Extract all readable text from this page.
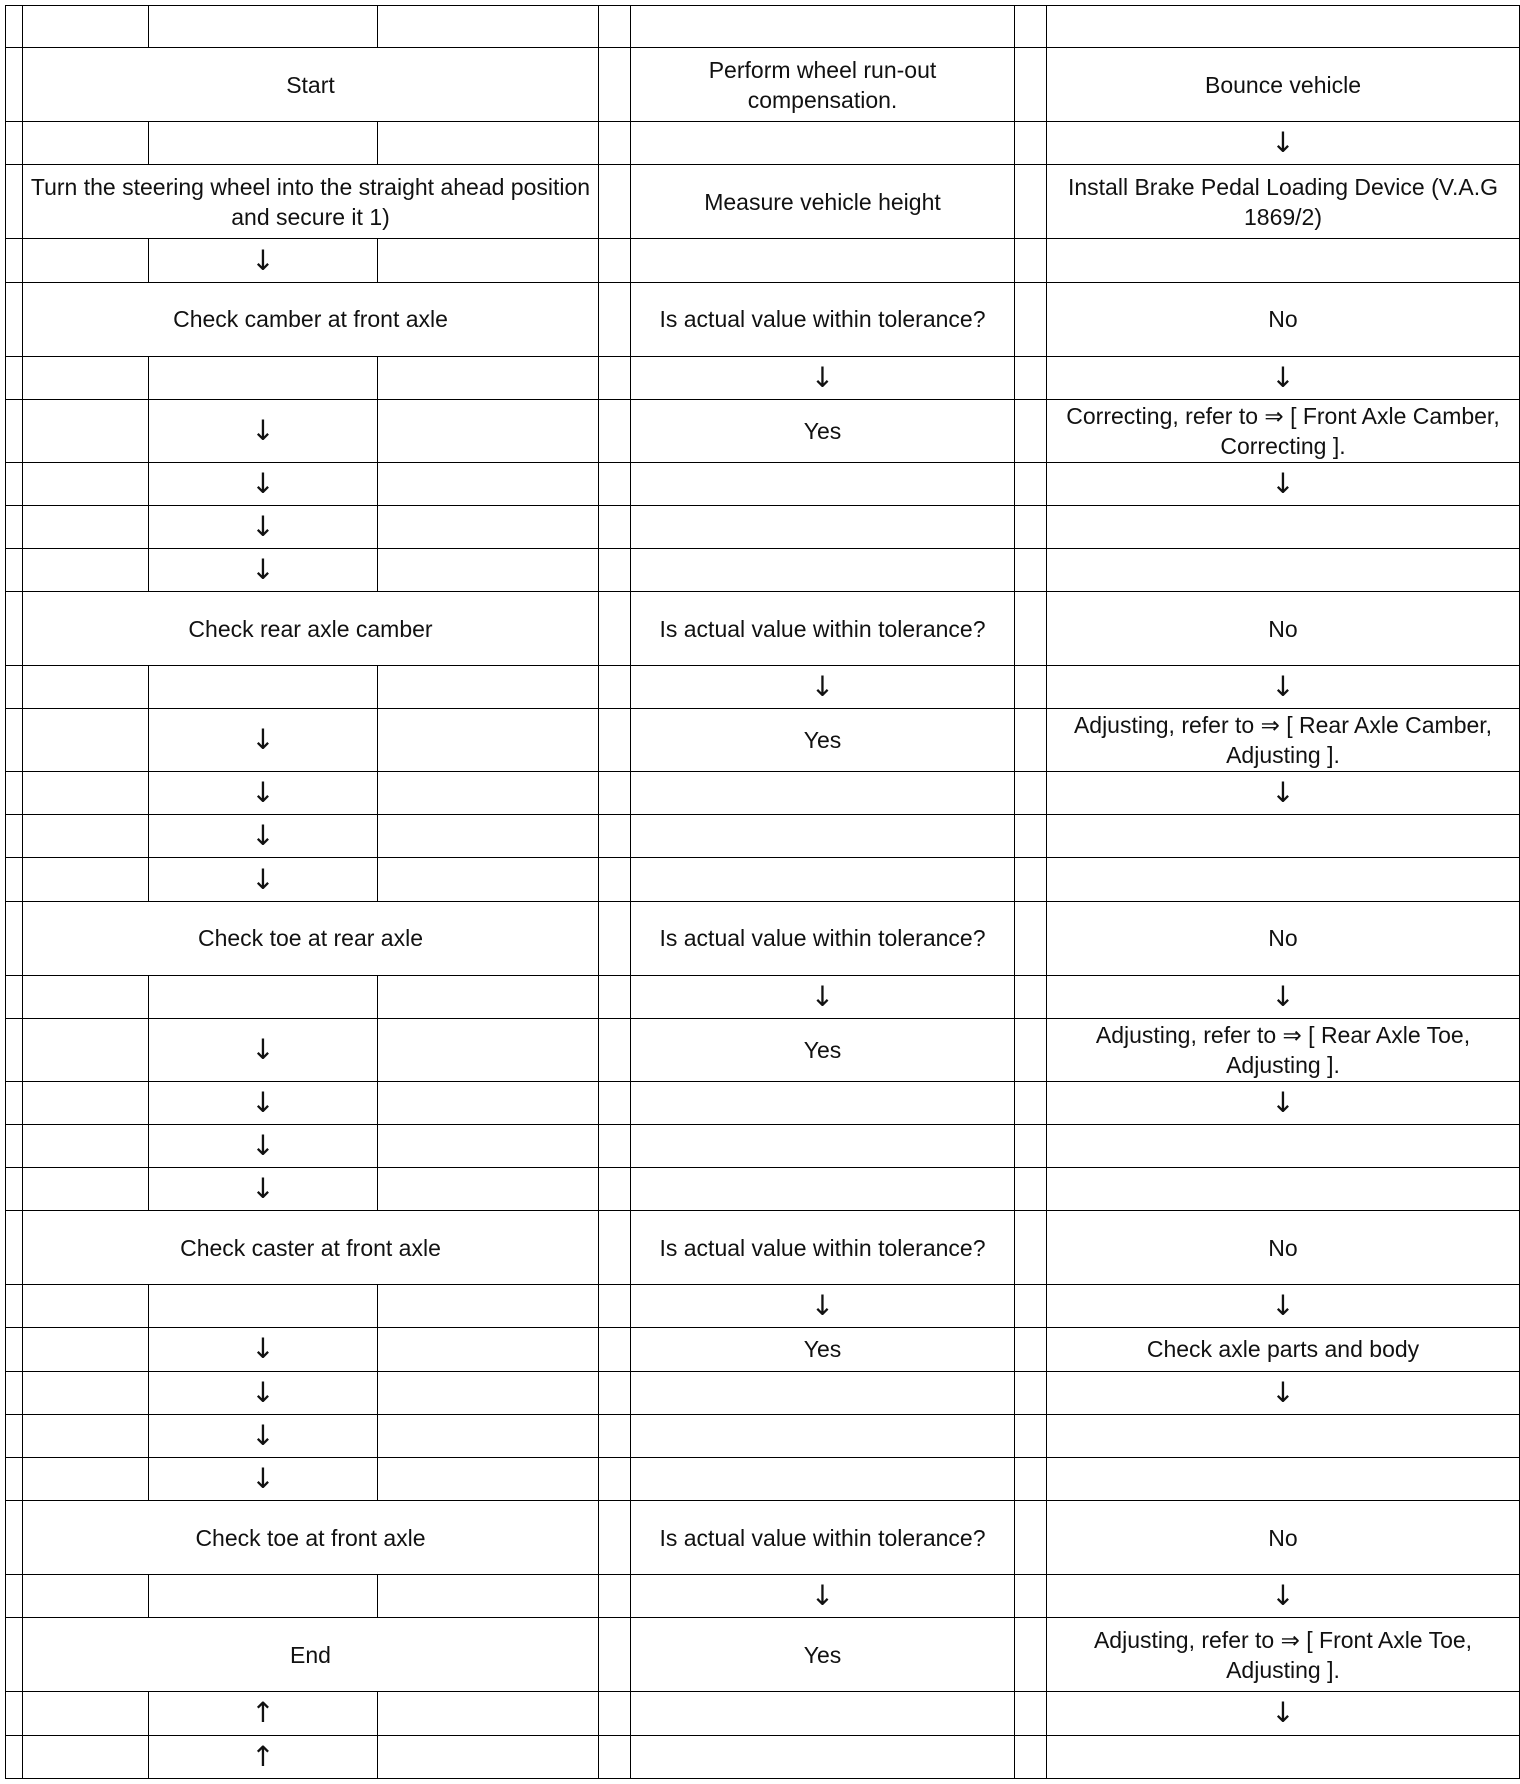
	Start				Perform wheel run-out compensation.		Bounce vehicle	
							↓	
	Turn the steering wheel into the straight ahead position and secure it 1)				Measure vehicle height		Install Brake Pedal Loading Device (V.A.G 1869/2)	
		↓						
	Check camber at front axle				Is actual value within tolerance?		No	
					↓		↓	
		↓			Yes		Correcting, refer to ⇒ [ Front Axle Camber, Correcting ].	
		↓					↓	
		↓						
		↓						
	Check rear axle camber				Is actual value within tolerance?		No	
					↓		↓	
		↓			Yes		Adjusting, refer to ⇒ [ Rear Axle Camber, Adjusting ].	
		↓					↓	
		↓						
		↓						
	Check toe at rear axle				Is actual value within tolerance?		No	
					↓		↓	
		↓			Yes		Adjusting, refer to ⇒ [ Rear Axle Toe, Adjusting ].	
		↓					↓	
		↓						
		↓						
	Check caster at front axle				Is actual value within tolerance?		No	
					↓		↓	
		↓			Yes		Check axle parts and body	
		↓					↓	
		↓						
		↓						
	Check toe at front axle				Is actual value within tolerance?		No	
					↓		↓	
	End				Yes		Adjusting, refer to ⇒ [ Front Axle Toe, Adjusting ].	
		↑					↓	
		↑						
